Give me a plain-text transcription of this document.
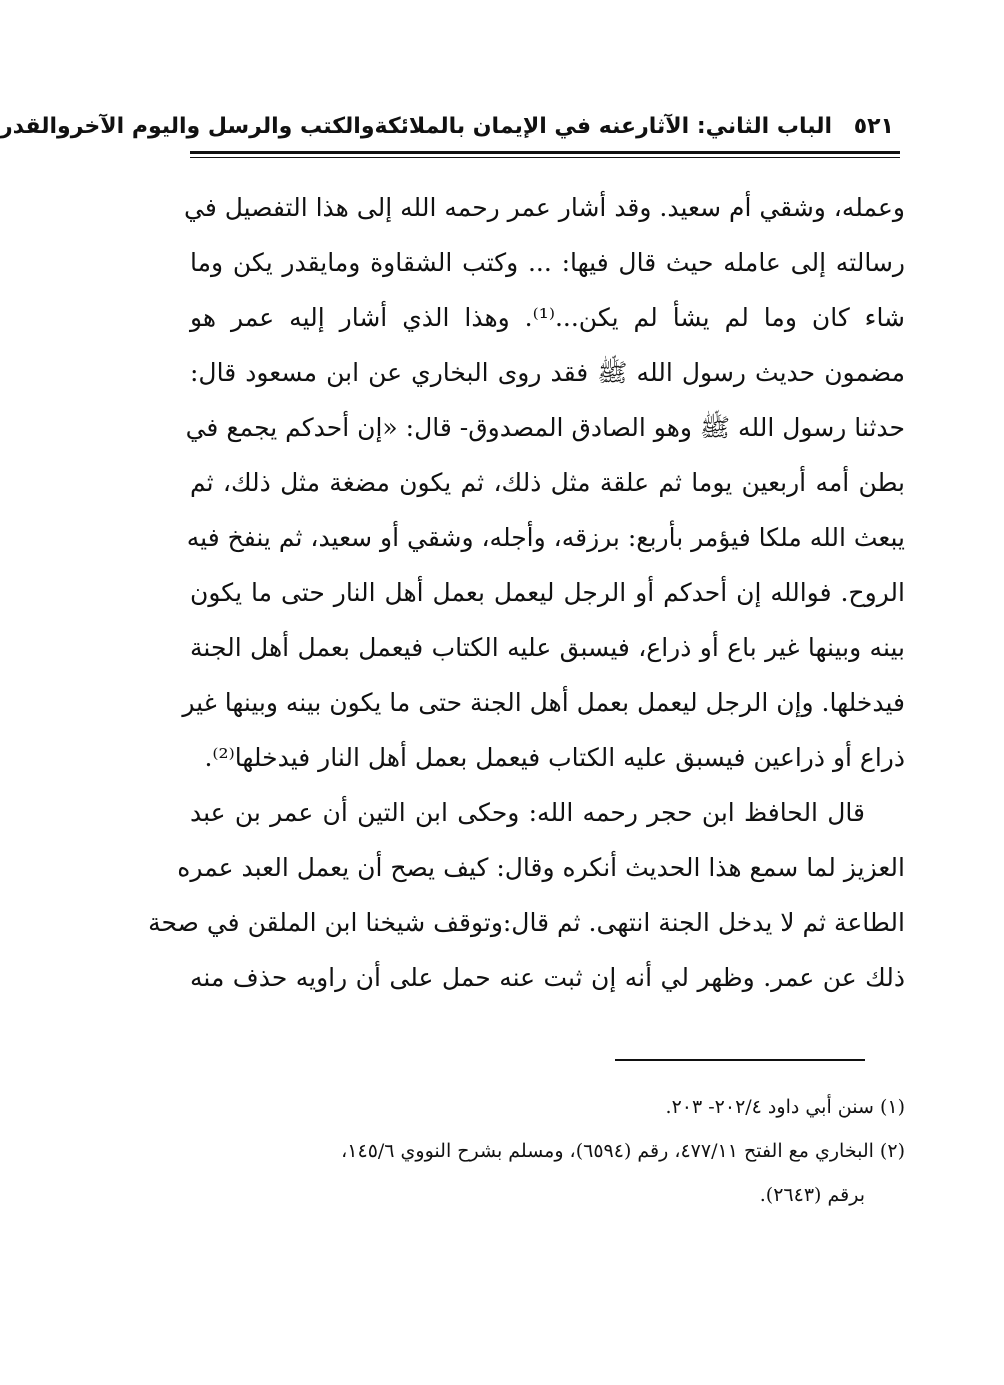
٥٢١ الباب الثاني: الآثارعنه في الإيمان بالملائكةوالكتب والرسل واليوم الآخروالقدر
وعمله، وشقي أم سعيد. وقد أشار عمر رحمه الله إلى هذا التفصيل في
رسالته إلى عامله حيث قال فيها: ... وكتب الشقاوة ومايقدر يكن وما
شاء كان وما لم يشأ لم يكن...⁽¹⁾. وهذا الذي أشار إليه عمر هو
مضمون حديث رسول الله ﷺ فقد روى البخاري عن ابن مسعود قال:
حدثنا رسول الله ﷺ وهو الصادق المصدوق- قال: «إن أحدكم يجمع في
بطن أمه أربعين يوما ثم علقة مثل ذلك، ثم يكون مضغة مثل ذلك، ثم
يبعث الله ملكا فيؤمر بأربع: برزقه، وأجله، وشقي أو سعيد، ثم ينفخ فيه
الروح. فوالله إن أحدكم أو الرجل ليعمل بعمل أهل النار حتى ما يكون
بينه وبينها غير باع أو ذراع، فيسبق عليه الكتاب فيعمل بعمل أهل الجنة
فيدخلها. وإن الرجل ليعمل بعمل أهل الجنة حتى ما يكون بينه وبينها غير
ذراع أو ذراعين فيسبق عليه الكتاب فيعمل بعمل أهل النار فيدخلها⁽²⁾.
قال الحافظ ابن حجر رحمه الله: وحكى ابن التين أن عمر بن عبد
العزيز لما سمع هذا الحديث أنكره وقال: كيف يصح أن يعمل العبد عمره
الطاعة ثم لا يدخل الجنة انتهى. ثم قال:وتوقف شيخنا ابن الملقن في صحة
ذلك عن عمر. وظهر لي أنه إن ثبت عنه حمل على أن راويه حذف منه
(١) سنن أبي داود ٢٠٢/٤- ٢٠٣.
(٢) البخاري مع الفتح ٤٧٧/١١، رقم (٦٥٩٤)، ومسلم بشرح النووي ١٤٥/٦،
برقم (٢٦٤٣).
